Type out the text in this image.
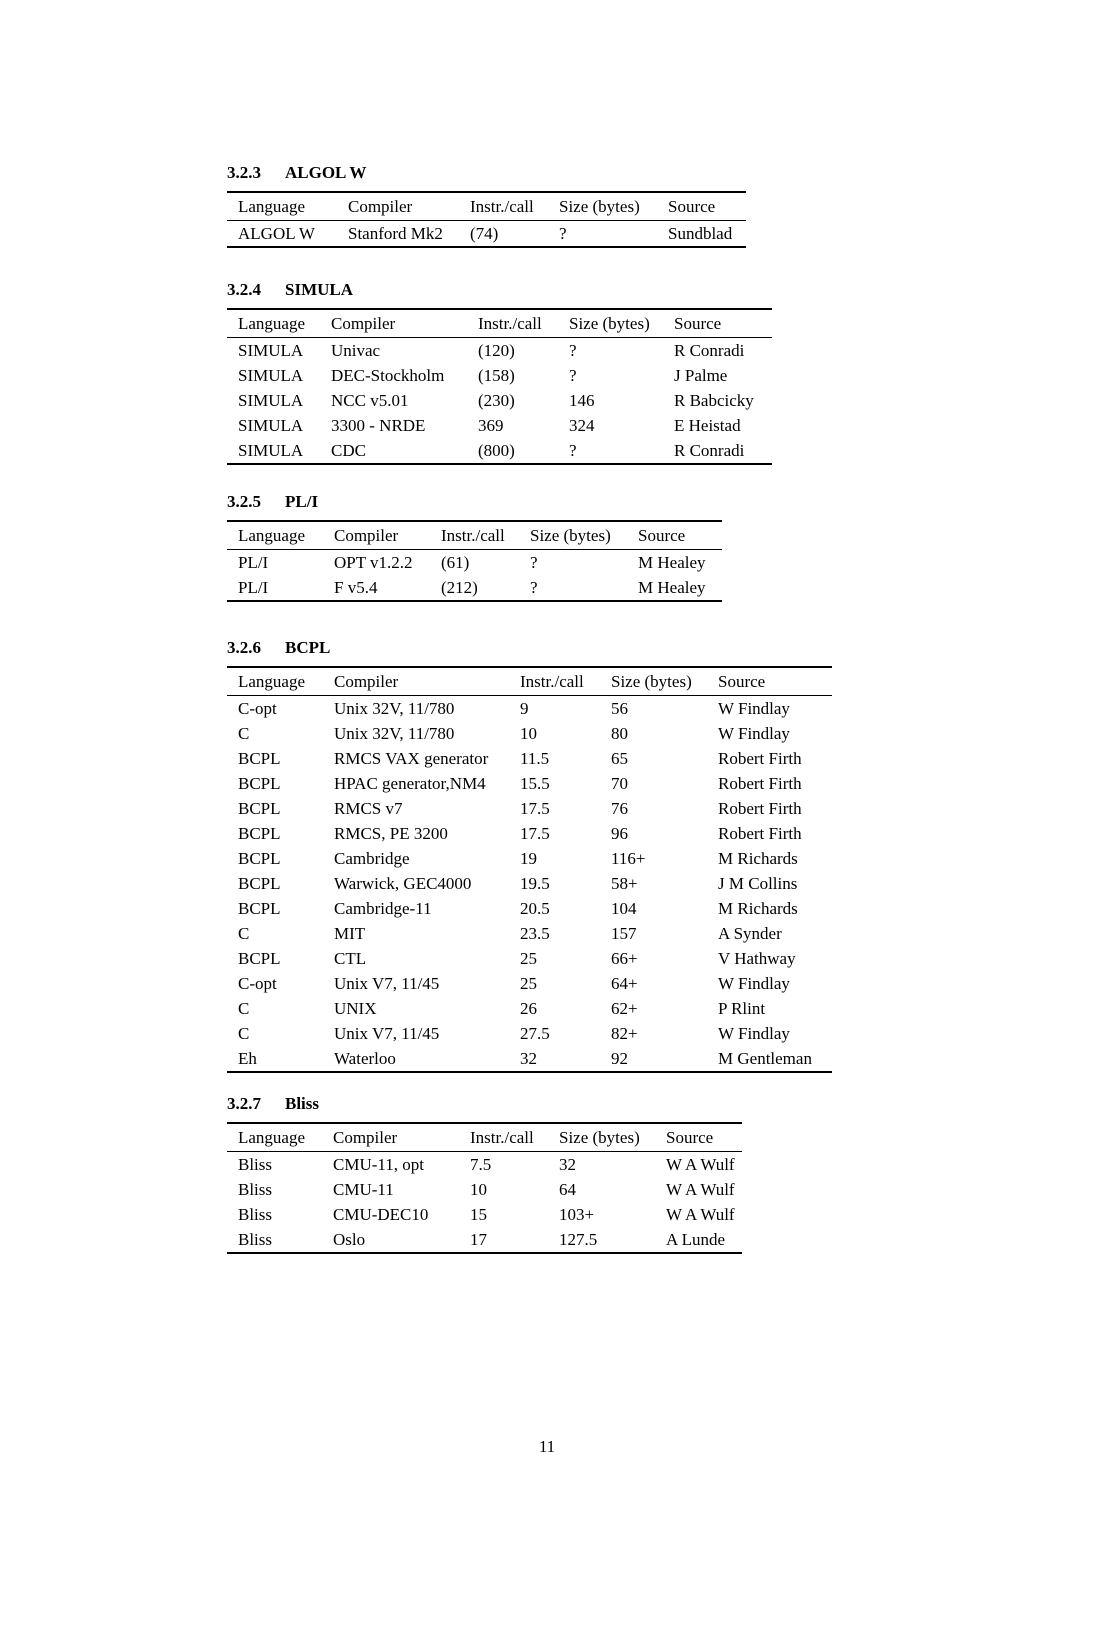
3.2.3 ALGOL W
Language	Compiler	Instr./call	Size (bytes)	Source
ALGOL W	Stanford Mk2	(74)	?	Sundblad
3.2.4 SIMULA
Language	Compiler	Instr./call	Size (bytes)	Source
SIMULA	Univac	(120)	?	R Conradi
SIMULA	DEC-Stockholm	(158)	?	J Palme
SIMULA	NCC v5.01	(230)	146	R Babcicky
SIMULA	3300 - NRDE	369	324	E Heistad
SIMULA	CDC	(800)	?	R Conradi
3.2.5 PL/I
Language	Compiler	Instr./call	Size (bytes)	Source
PL/I	OPT v1.2.2	(61)	?	M Healey
PL/I	F v5.4	(212)	?	M Healey
3.2.6 BCPL
Language	Compiler	Instr./call	Size (bytes)	Source
C-opt	Unix 32V, 11/780	9	56	W Findlay
C	Unix 32V, 11/780	10	80	W Findlay
BCPL	RMCS VAX generator	11.5	65	Robert Firth
BCPL	HPAC generator,NM4	15.5	70	Robert Firth
BCPL	RMCS v7	17.5	76	Robert Firth
BCPL	RMCS, PE 3200	17.5	96	Robert Firth
BCPL	Cambridge	19	116+	M Richards
BCPL	Warwick, GEC4000	19.5	58+	J M Collins
BCPL	Cambridge-11	20.5	104	M Richards
C	MIT	23.5	157	A Synder
BCPL	CTL	25	66+	V Hathway
C-opt	Unix V7, 11/45	25	64+	W Findlay
C	UNIX	26	62+	P Rlint
C	Unix V7, 11/45	27.5	82+	W Findlay
Eh	Waterloo	32	92	M Gentleman
3.2.7 Bliss
Language	Compiler	Instr./call	Size (bytes)	Source
Bliss	CMU-11, opt	7.5	32	W A Wulf
Bliss	CMU-11	10	64	W A Wulf
Bliss	CMU-DEC10	15	103+	W A Wulf
Bliss	Oslo	17	127.5	A Lunde
11
